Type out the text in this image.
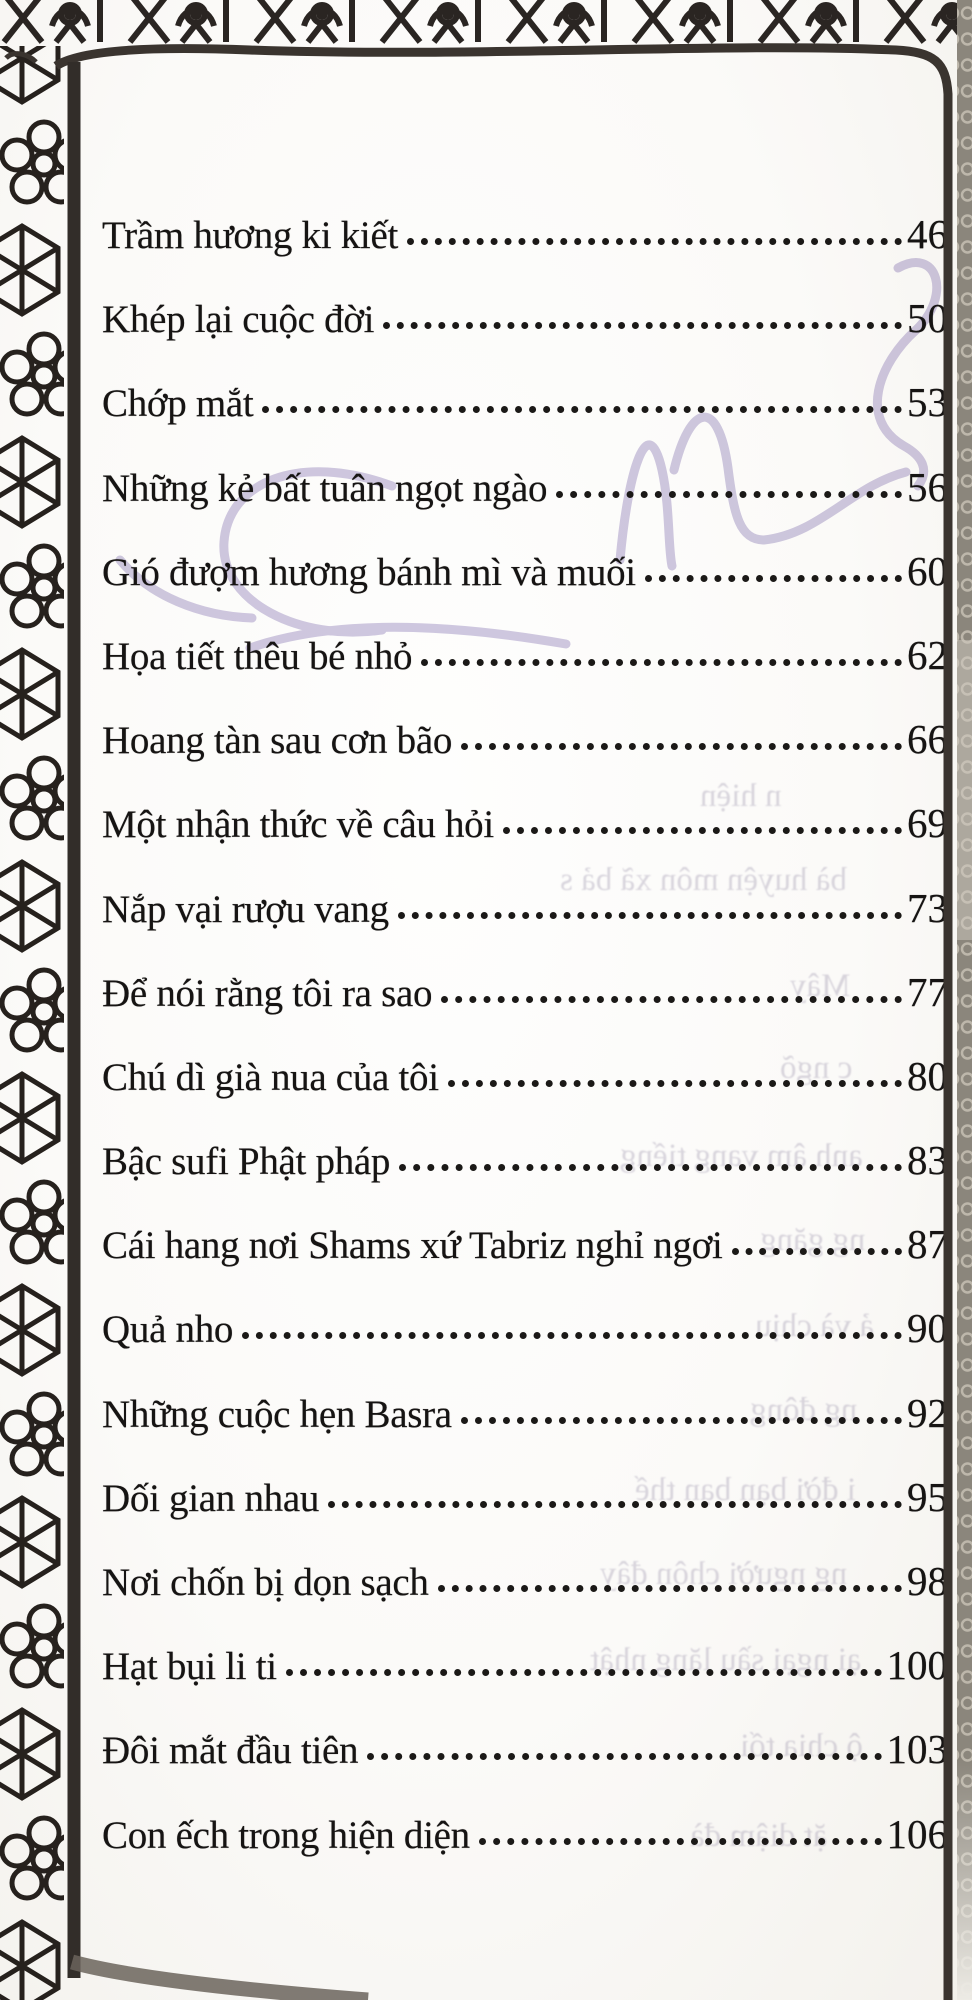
n hiện
bà huyện môn xã bả s
Mây
c ngõ
anh âm vang tiếng
ng gặng
ả và chịu
ng đông
i đời bạn bạn thế
ng người chôn đây
ại ngại sầu lặng nhật
ộ chia tối
ặt diậm đà
Trầm hương ki kiết	46
Khép lại cuộc đời	50
Chớp mắt	53
Những kẻ bất tuân ngọt ngào	56
Gió đượm hương bánh mì và muối	60
Họa tiết thêu bé nhỏ	62
Hoang tàn sau cơn bão	66
Một nhận thức về câu hỏi	69
Nắp vại rượu vang	73
Để nói rằng tôi ra sao	77
Chú dì già nua của tôi	80
Bậc sufi Phật pháp	83
Cái hang nơi Shams xứ Tabriz nghỉ ngơi	87
Quả nho	90
Những cuộc hẹn Basra	92
Dối gian nhau	95
Nơi chốn bị dọn sạch	98
Hạt bụi li ti	100
Đôi mắt đầu tiên	103
Con ếch trong hiện diện	106
